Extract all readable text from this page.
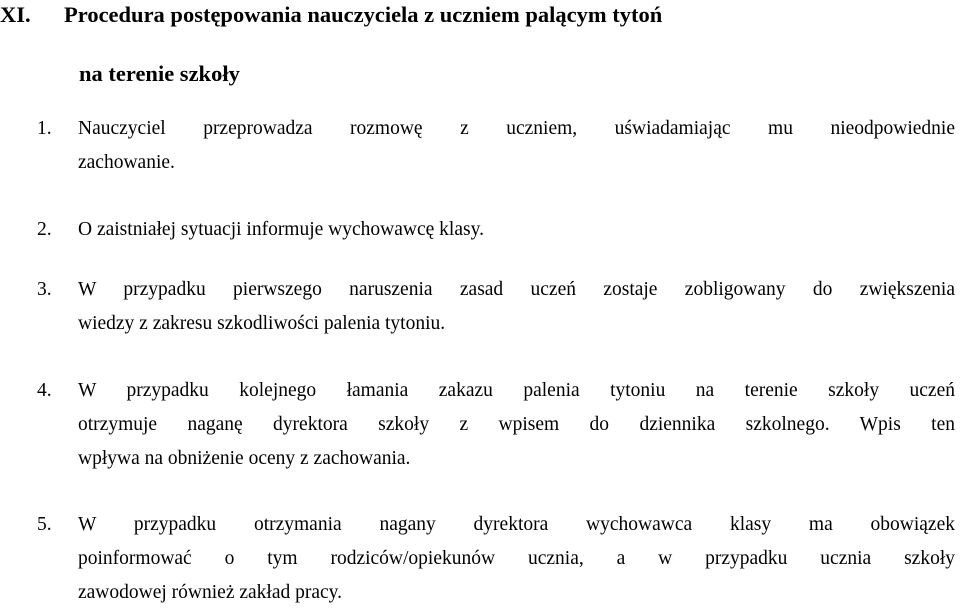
XI. Procedura postępowania nauczyciela z uczniem palącym tytoń
na terenie szkoły
1.	Nauczyciel przeprowadza rozmowę z uczniem, uświadamiając mu nieodpowiednie
zachowanie.
2.	O zaistniałej sytuacji informuje wychowawcę klasy.
3.	W przypadku pierwszego naruszenia zasad uczeń zostaje zobligowany do zwiększenia
wiedzy z zakresu szkodliwości palenia tytoniu.
4.	W przypadku kolejnego łamania zakazu palenia tytoniu na terenie szkoły uczeń
otrzymuje naganę dyrektora szkoły z wpisem do dziennika szkolnego. Wpis ten
wpływa na obniżenie oceny z zachowania.
5.	W przypadku otrzymania nagany dyrektora wychowawca klasy ma obowiązek
poinformować o tym rodziców/opiekunów ucznia, a w przypadku ucznia szkoły
zawodowej również zakład pracy.
